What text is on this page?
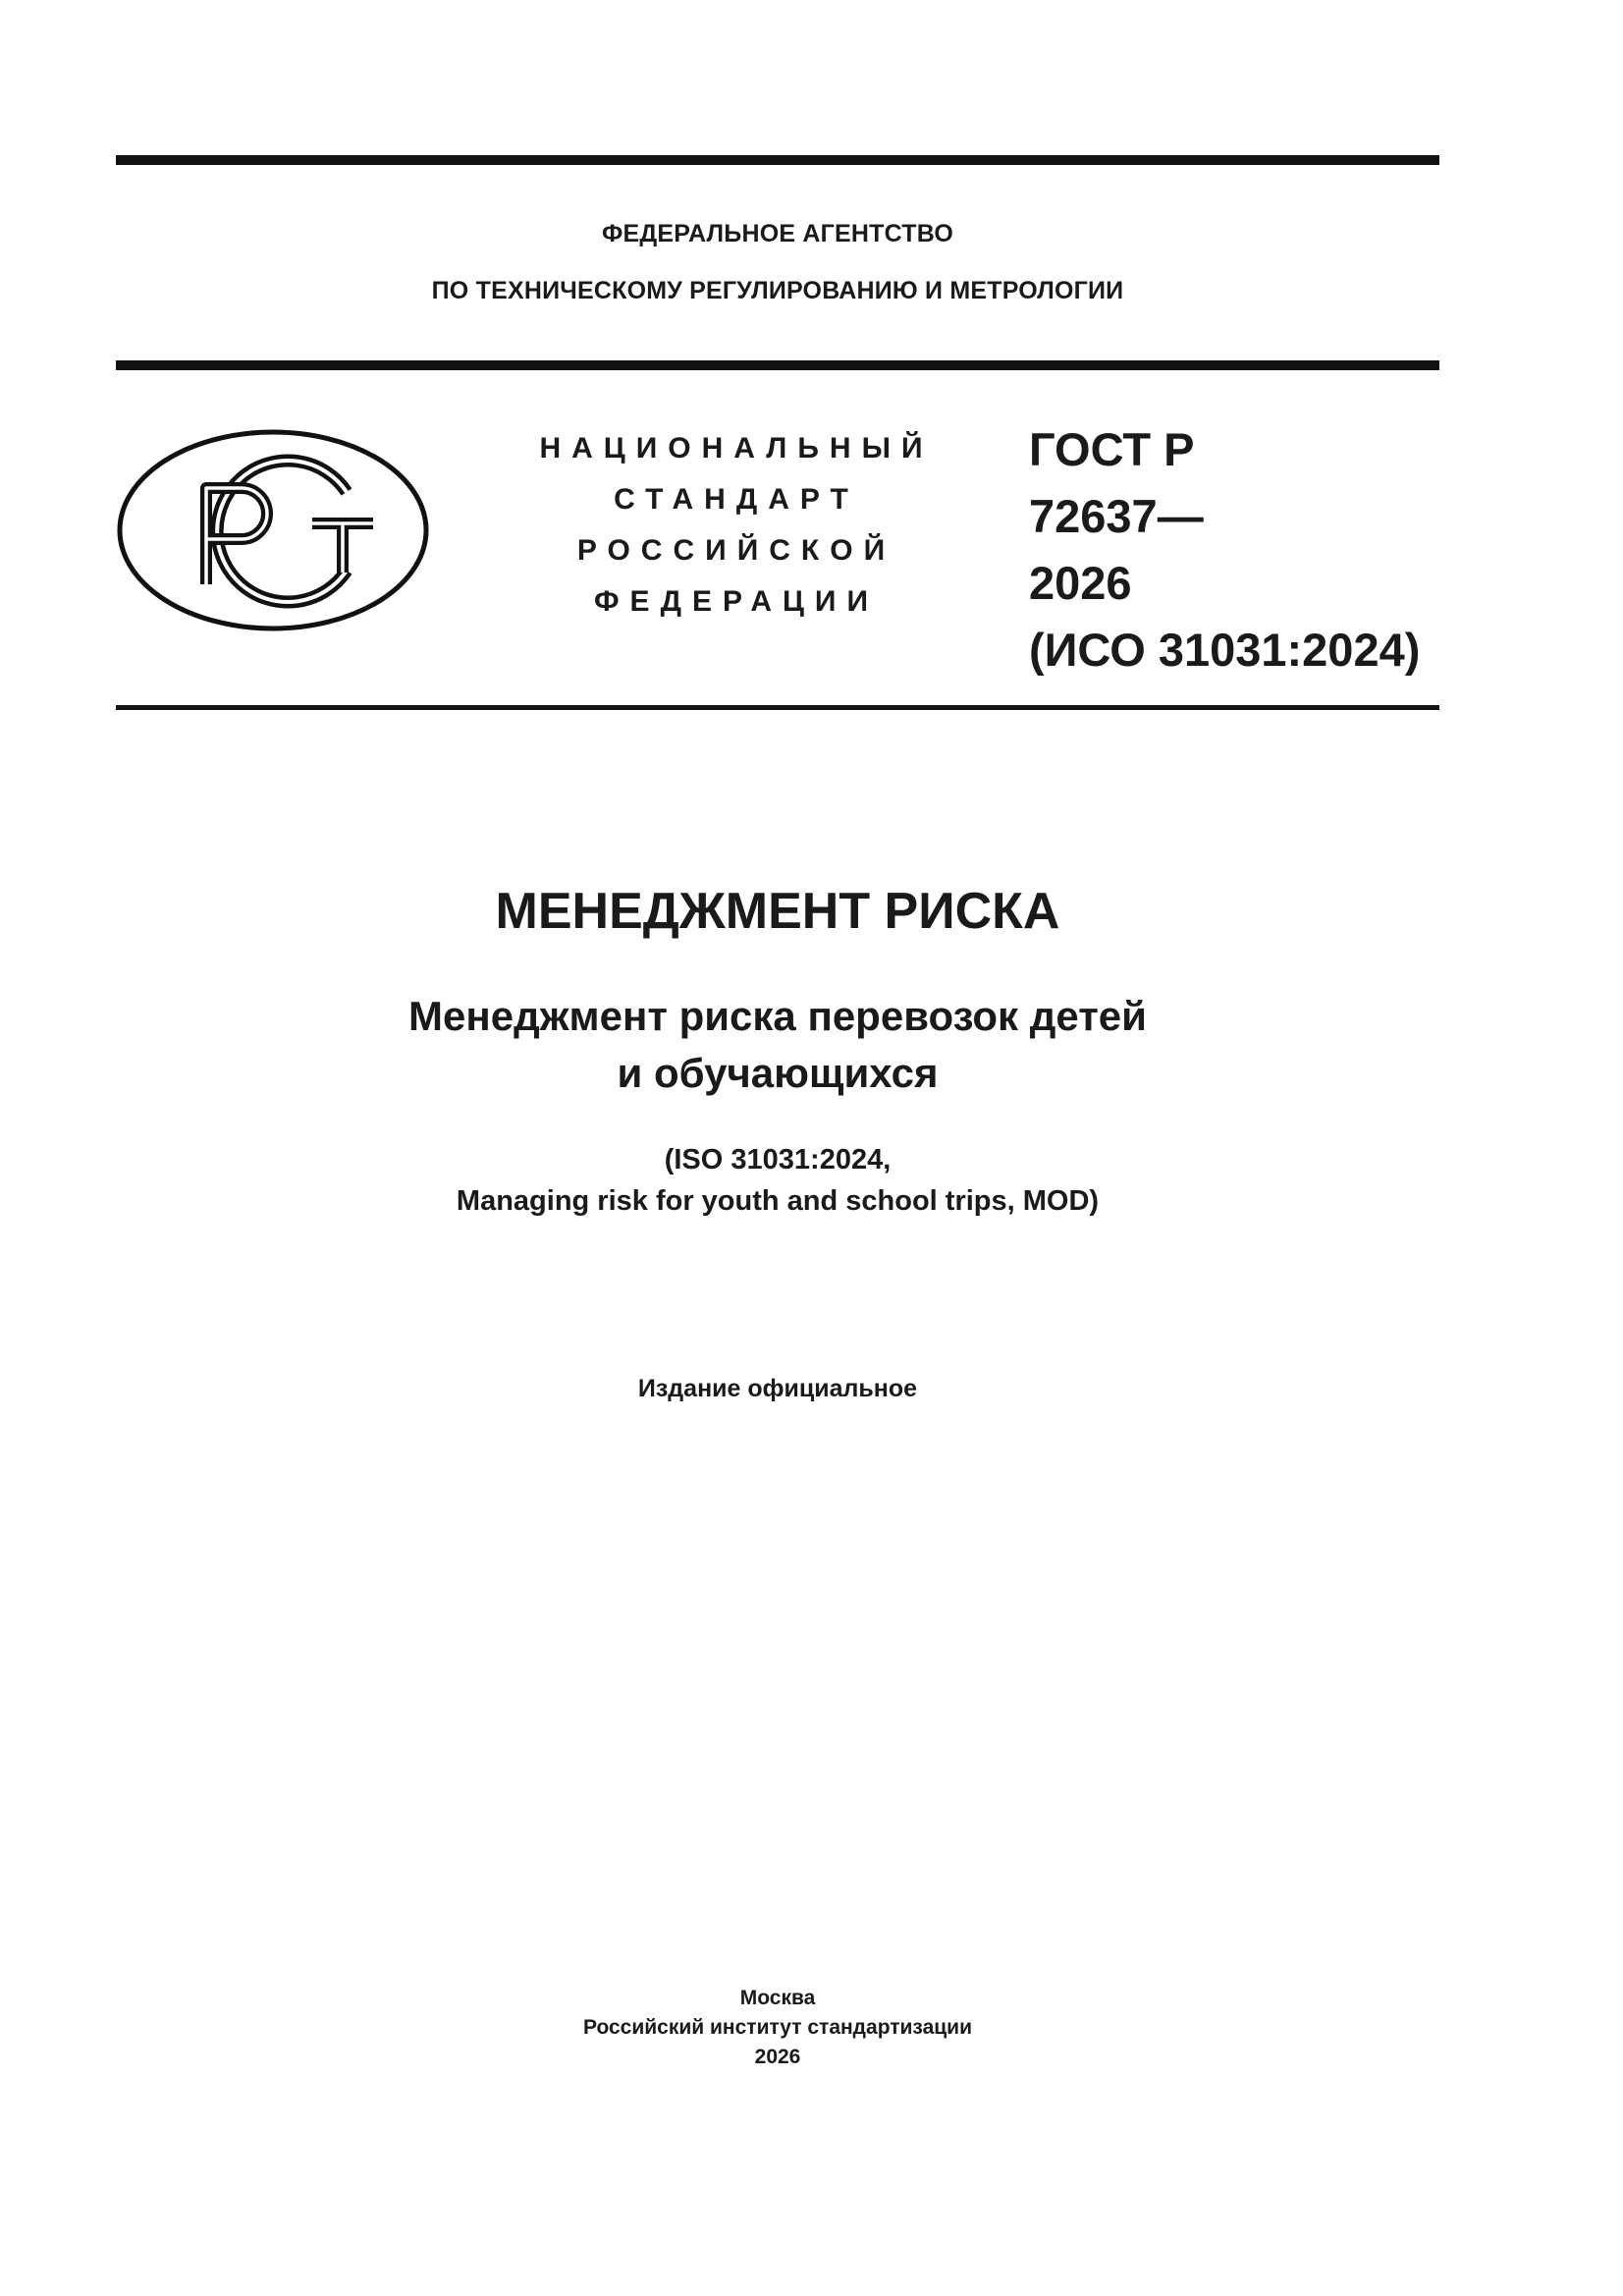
ФЕДЕРАЛЬНОЕ АГЕНТСТВО
ПО ТЕХНИЧЕСКОМУ РЕГУЛИРОВАНИЮ И МЕТРОЛОГИИ
НАЦИОНАЛЬНЫЙ
СТАНДАРТ
РОССИЙСКОЙ
ФЕДЕРАЦИИ
ГОСТ Р
72637—
2026
(ИСО 31031:2024)
МЕНЕДЖМЕНТ РИСКА
Менеджмент риска перевозок детей
и обучающихся
(ISO 31031:2024,
Managing risk for youth and school trips, MOD)
Издание официальное
Москва
Российский институт стандартизации
2026
